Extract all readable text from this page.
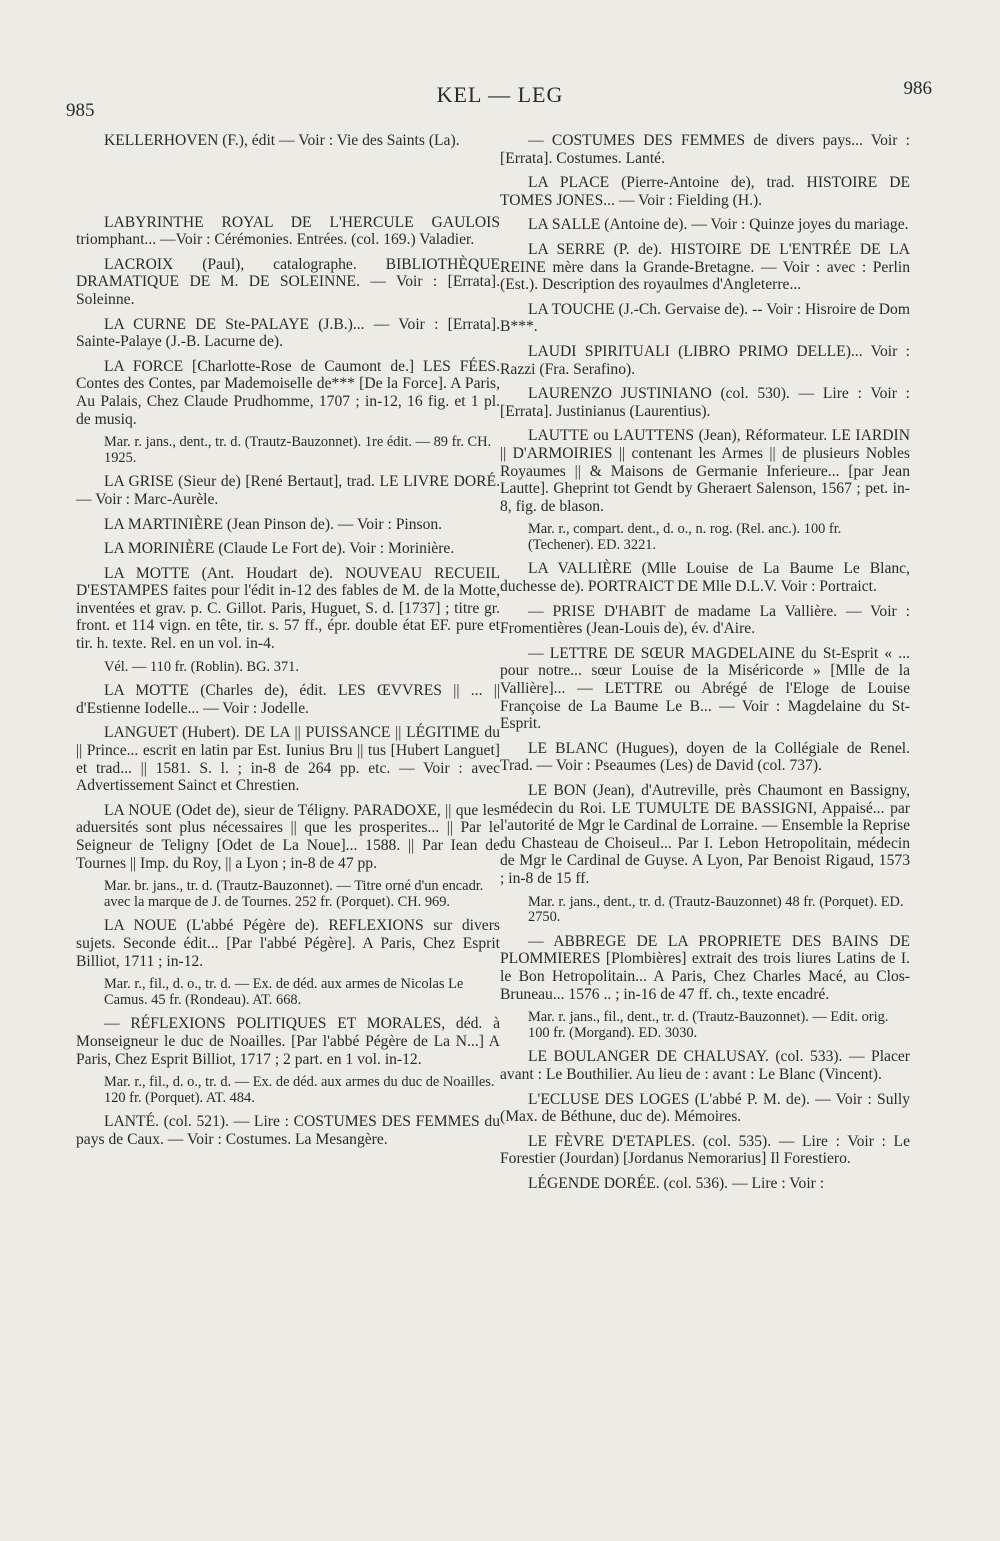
985
KEL — LEG	986

KELLERHOVEN (F.), édit — Voir : Vie des Saints (La).

LABYRINTHE ROYAL DE L'HERCULE GAULOIS triomphant... —Voir : Cérémonies. Entrées. (col. 169.) Valadier.

LACROIX (Paul), catalographe. BIBLIOTHÈQUE DRAMATIQUE DE M. DE SOLEINNE. — Voir : [Errata]. Soleinne.

LA CURNE DE Ste-PALAYE (J.B.)... — Voir : [Errata]. Sainte-Palaye (J.-B. Lacurne de).

LA FORCE [Charlotte-Rose de Caumont de.] LES FÉES. Contes des Contes, par Mademoiselle de*** [De la Force]. A Paris, Au Palais, Chez Claude Prudhomme, 1707 ; in-12, 16 fig. et 1 pl. de musiq.

Mar. r. jans., dent., tr. d. (Trautz-Bauzonnet). 1re édit. — 89 fr. CH. 1925.

LA GRISE (Sieur de) [René Bertaut], trad. LE LIVRE DORÉ. — Voir : Marc-Aurèle.

LA MARTINIÈRE (Jean Pinson de). — Voir : Pinson.

LA MORINIÈRE (Claude Le Fort de). Voir : Morinière.

LA MOTTE (Ant. Houdart de). NOUVEAU RECUEIL D'ESTAMPES faites pour l'édit in-12 des fables de M. de la Motte, inventées et grav. p. C. Gillot. Paris, Huguet, S. d. [1737] ; titre gr. front. et 114 vign. en tête, tir. s. 57 ff., épr. double état EF. pure et tir. h. texte. Rel. en un vol. in-4.

Vél. — 110 fr. (Roblin). BG. 371.

LA MOTTE (Charles de), édit. LES ŒVVRES || ... || d'Estienne Iodelle... — Voir : Jodelle.

LANGUET (Hubert). DE LA || PUISSANCE || LÉGITIME du || Prince... escrit en latin par Est. Iunius Bru || tus [Hubert Languet] et trad... || 1581. S. l. ; in-8 de 264 pp. etc. — Voir : avec Advertissement Sainct et Chrestien.

LA NOUE (Odet de), sieur de Téligny. PARADOXE, || que les aduersités sont plus nécessaires || que les prosperites... || Par le Seigneur de Teligny [Odet de La Noue]... 1588. || Par Iean de Tournes || Imp. du Roy, || a Lyon ; in-8 de 47 pp.

Mar. br. jans., tr. d. (Trautz-Bauzonnet). — Titre orné d'un encadr. avec la marque de J. de Tournes. 252 fr. (Porquet). CH. 969.

LA NOUE (L'abbé Pégère de). REFLEXIONS sur divers sujets. Seconde édit... [Par l'abbé Pégère]. A Paris, Chez Esprit Billiot, 1711 ; in-12.

Mar. r., fil., d. o., tr. d. — Ex. de déd. aux armes de Nicolas Le Camus. 45 fr. (Rondeau). AT. 668.

— RÉFLEXIONS POLITIQUES ET MORALES, déd. à Monseigneur le duc de Noailles. [Par l'abbé Pégère de La N...] A Paris, Chez Esprit Billiot, 1717 ; 2 part. en 1 vol. in-12.

Mar. r., fil., d. o., tr. d. — Ex. de déd. aux armes du duc de Noailles. 120 fr. (Porquet). AT. 484.

LANTÉ. (col. 521). — Lire : COSTUMES DES FEMMES du pays de Caux. — Voir : Costumes. La Mesangère.

— COSTUMES DES FEMMES de divers pays... Voir : [Errata]. Costumes. Lanté.

LA PLACE (Pierre-Antoine de), trad. HISTOIRE DE TOMES JONES... — Voir : Fielding (H.).

LA SALLE (Antoine de). — Voir : Quinze joyes du mariage.

LA SERRE (P. de). HISTOIRE DE L'ENTRÉE DE LA REINE mère dans la Grande-Bretagne. — Voir : avec : Perlin (Est.). Description des royaulmes d'Angleterre...

LA TOUCHE (J.-Ch. Gervaise de). -- Voir : Hisroire de Dom B***.

LAUDI SPIRITUALI (LIBRO PRIMO DELLE)... Voir : Razzi (Fra. Serafino).

LAURENZO JUSTINIANO (col. 530). — Lire : Voir : [Errata]. Justinianus (Laurentius).

LAUTTE ou LAUTTENS (Jean), Réformateur. LE IARDIN || D'ARMOIRIES || contenant les Armes || de plusieurs Nobles Royaumes || & Maisons de Germanie Inferieure... [par Jean Lautte]. Gheprint tot Gendt by Gheraert Salenson, 1567 ; pet. in-8, fig. de blason.

Mar. r., compart. dent., d. o., n. rog. (Rel. anc.). 100 fr. (Techener). ED. 3221.

LA VALLIÈRE (Mlle Louise de La Baume Le Blanc, duchesse de). PORTRAICT DE Mlle D.L.V. Voir : Portraict.

— PRISE D'HABIT de madame La Vallière. — Voir : Fromentières (Jean-Louis de), év. d'Aire.

— LETTRE DE SŒUR MAGDELAINE du St-Esprit « ... pour notre... sœur Louise de la Miséricorde » [Mlle de la Vallière]... — LETTRE ou Abrégé de l'Eloge de Louise Françoise de La Baume Le B... — Voir : Magdelaine du St-Esprit.

LE BLANC (Hugues), doyen de la Collégiale de Renel. Trad. — Voir : Pseaumes (Les) de David (col. 737).

LE BON (Jean), d'Autreville, près Chaumont en Bassigny, médecin du Roi. LE TUMULTE DE BASSIGNI, Appaisé... par l'autorité de Mgr le Cardinal de Lorraine. — Ensemble la Reprise du Chasteau de Choiseul... Par I. Lebon Hetropolitain, médecin de Mgr le Cardinal de Guyse. A Lyon, Par Benoist Rigaud, 1573 ; in-8 de 15 ff.

Mar. r. jans., dent., tr. d. (Trautz-Bauzonnet) 48 fr. (Porquet). ED. 2750.

— ABBREGE DE LA PROPRIETE DES BAINS DE PLOMMIERES [Plombières] extrait des trois liures Latins de I. le Bon Hetropolitain... A Paris, Chez Charles Macé, au Clos-Bruneau... 1576 .. ; in-16 de 47 ff. ch., texte encadré.

Mar. r. jans., fil., dent., tr. d. (Trautz-Bauzonnet). — Edit. orig. 100 fr. (Morgand). ED. 3030.

LE BOULANGER DE CHALUSAY. (col. 533). — Placer avant : Le Bouthilier. Au lieu de : avant : Le Blanc (Vincent).

L'ECLUSE DES LOGES (L'abbé P. M. de). — Voir : Sully (Max. de Béthune, duc de). Mémoires.

LE FÈVRE D'ETAPLES. (col. 535). — Lire : Voir : Le Forestier (Jourdan) [Jordanus Nemorarius] Il Forestiero.

LÉGENDE DORÉE. (col. 536). — Lire : Voir :
